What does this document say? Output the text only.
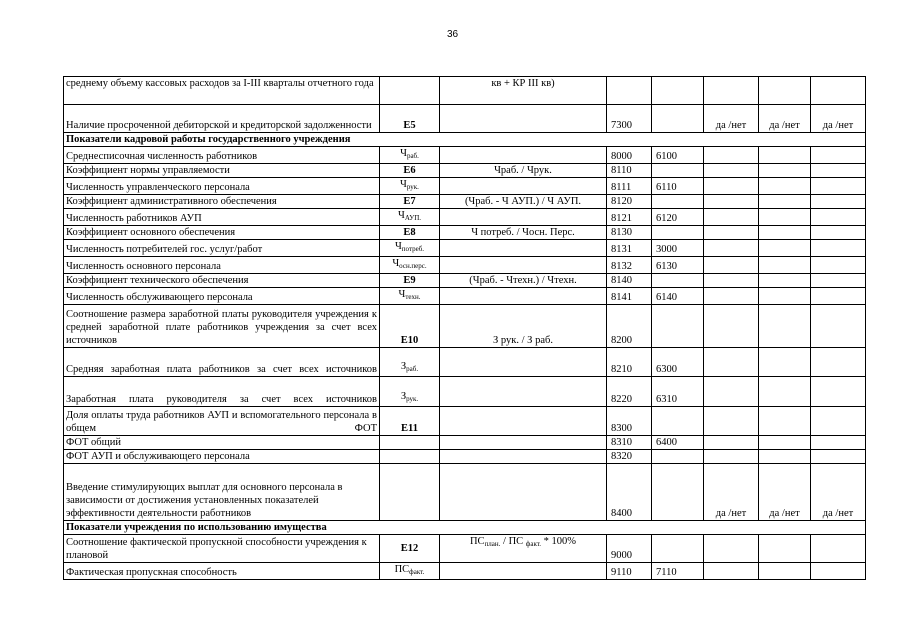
36
среднему объему кассовых расходов за I-III кварталы отчетного года		кв + КР III кв)					
Наличие просроченной дебиторской и кредиторской задолженности	E5		7300		да /нет	да /нет	да /нет
Показатели кадровой работы государственного учреждения							
Среднесписочная численность работников	$Ч_{раб.}$		8000	6100			
Коэффициент нормы управляемости	E6	Чраб. / Чрук.	8110				
Численность управленческого персонала	$Ч_{рук.}$		8111	6110			
Коэффициент административного обеспечения	E7	(Чраб. - Ч АУП.) / Ч АУП.	8120				
Численность работников АУП	$Ч_{АУП.}$		8121	6120			
Коэффициент основного обеспечения	E8	Ч потреб. / Чосн. Перс.	8130				
Численность потребителей гос. услуг/работ	$Ч_{потреб.}$		8131	3000			
Численность основного персонала	$Ч_{осн.перс.}$		8132	6130			
Коэффициент технического обеспечения	E9	(Чраб. - Чтехн.) / Чтехн.	8140				
Численность обслуживающего персонала	$Ч_{техн.}$		8141	6140			
Соотношение размера заработной платы руководителя учреждения к средней заработной плате работников учреждения за счет всех источников	E10	З рук. / З раб.	8200				
Средняя заработная плата работников за счет всех источников	$З_{раб.}$		8210	6300			
Заработная плата руководителя за счет всех источников	$З_{рук.}$		8220	6310			
Доля оплаты труда работников АУП и вспомогательного персонала в общем ФОТ	E11		8300				
ФОТ общий			8310	6400			
ФОТ АУП и обслуживающего персонала			8320				
Введение стимулирующих выплат для основного персонала в зависимости от достижения установленных показателей эффективности деятельности работников			8400		да /нет	да /нет	да /нет
Показатели учреждения по использованию имущества							
Соотношение фактической пропускной способности учреждения к плановой	E12	$ПС_{план.}$ / ПС $_{факт.}$ * 100%	9000				
Фактическая пропускная способность	$ПС_{факт.}$		9110	7110			
